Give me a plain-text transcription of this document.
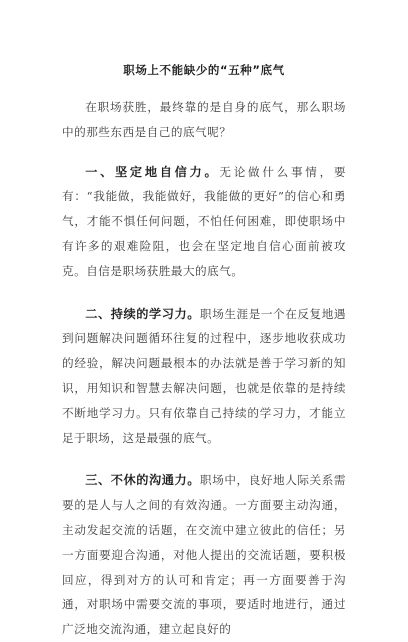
职场上不能缺少的“五种”底气

在职场获胜，最终靠的是自身的底气，那么职场中的那些东西是自己的底气呢？

一、坚定地自信力。无论做什么事情，要有：“我能做，我能做好，我能做的更好”的信心和勇气，才能不惧任何问题，不怕任何困难，即使职场中有许多的艰难险阻，也会在坚定地自信心面前被攻克。自信是职场获胜最大的底气。

二、持续的学习力。职场生涯是一个在反复地遇到问题解决问题循环往复的过程中，逐步地收获成功的经验，解决问题最根本的办法就是善于学习新的知识，用知识和智慧去解决问题，也就是依靠的是持续不断地学习力。只有依靠自己持续的学习力，才能立足于职场，这是最强的底气。

三、不休的沟通力。职场中，良好地人际关系需要的是人与人之间的有效沟通。一方面要主动沟通，主动发起交流的话题，在交流中建立彼此的信任；另一方面要迎合沟通，对他人提出的交流话题，要积极回应，得到对方的认可和肯定；再一方面要善于沟通，对职场中需要交流的事项，要适时地进行，通过广泛地交流沟通，建立起良好的
